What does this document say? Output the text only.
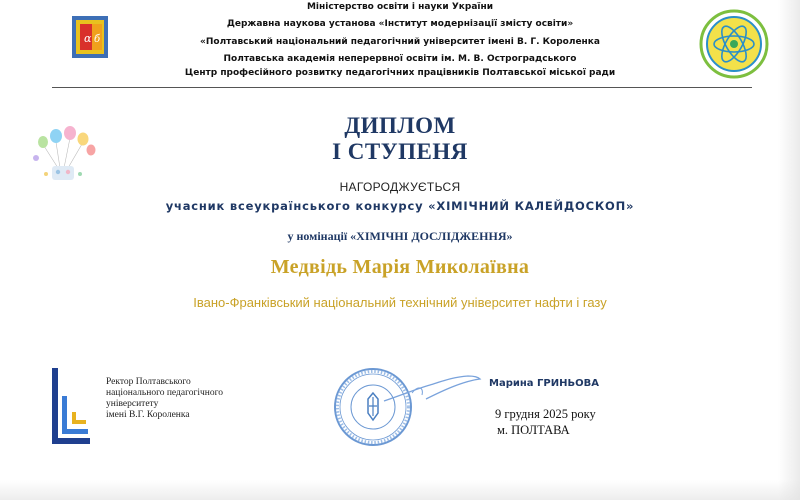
α б
Міністерство освіти і науки України
Державна наукова установа «Інститут модернізації змісту освіти»
«Полтавський національний педагогічний університет імені В. Г. Короленка
Полтавська академія неперервної освіти ім. М. В. Остроградського
Центр професійного розвитку педагогічних працівників Полтавської міської ради
ДИПЛОМ
І СТУПЕНЯ
НАГОРОДЖУЄТЬСЯ
учасник всеукраїнського конкурсу «ХІМІЧНИЙ КАЛЕЙДОСКОП»
у номінації «ХІМІЧНІ ДОСЛІДЖЕННЯ»
Медвідь Марія Миколаївна
Івано-Франківський національний технічний університет нафти і газу
Ректор Полтавського
національного педагогічного
університету
імені В.Г. Короленка
Марина ГРИНЬОВА
9 грудня 2025 року
м. ПОЛТАВА
